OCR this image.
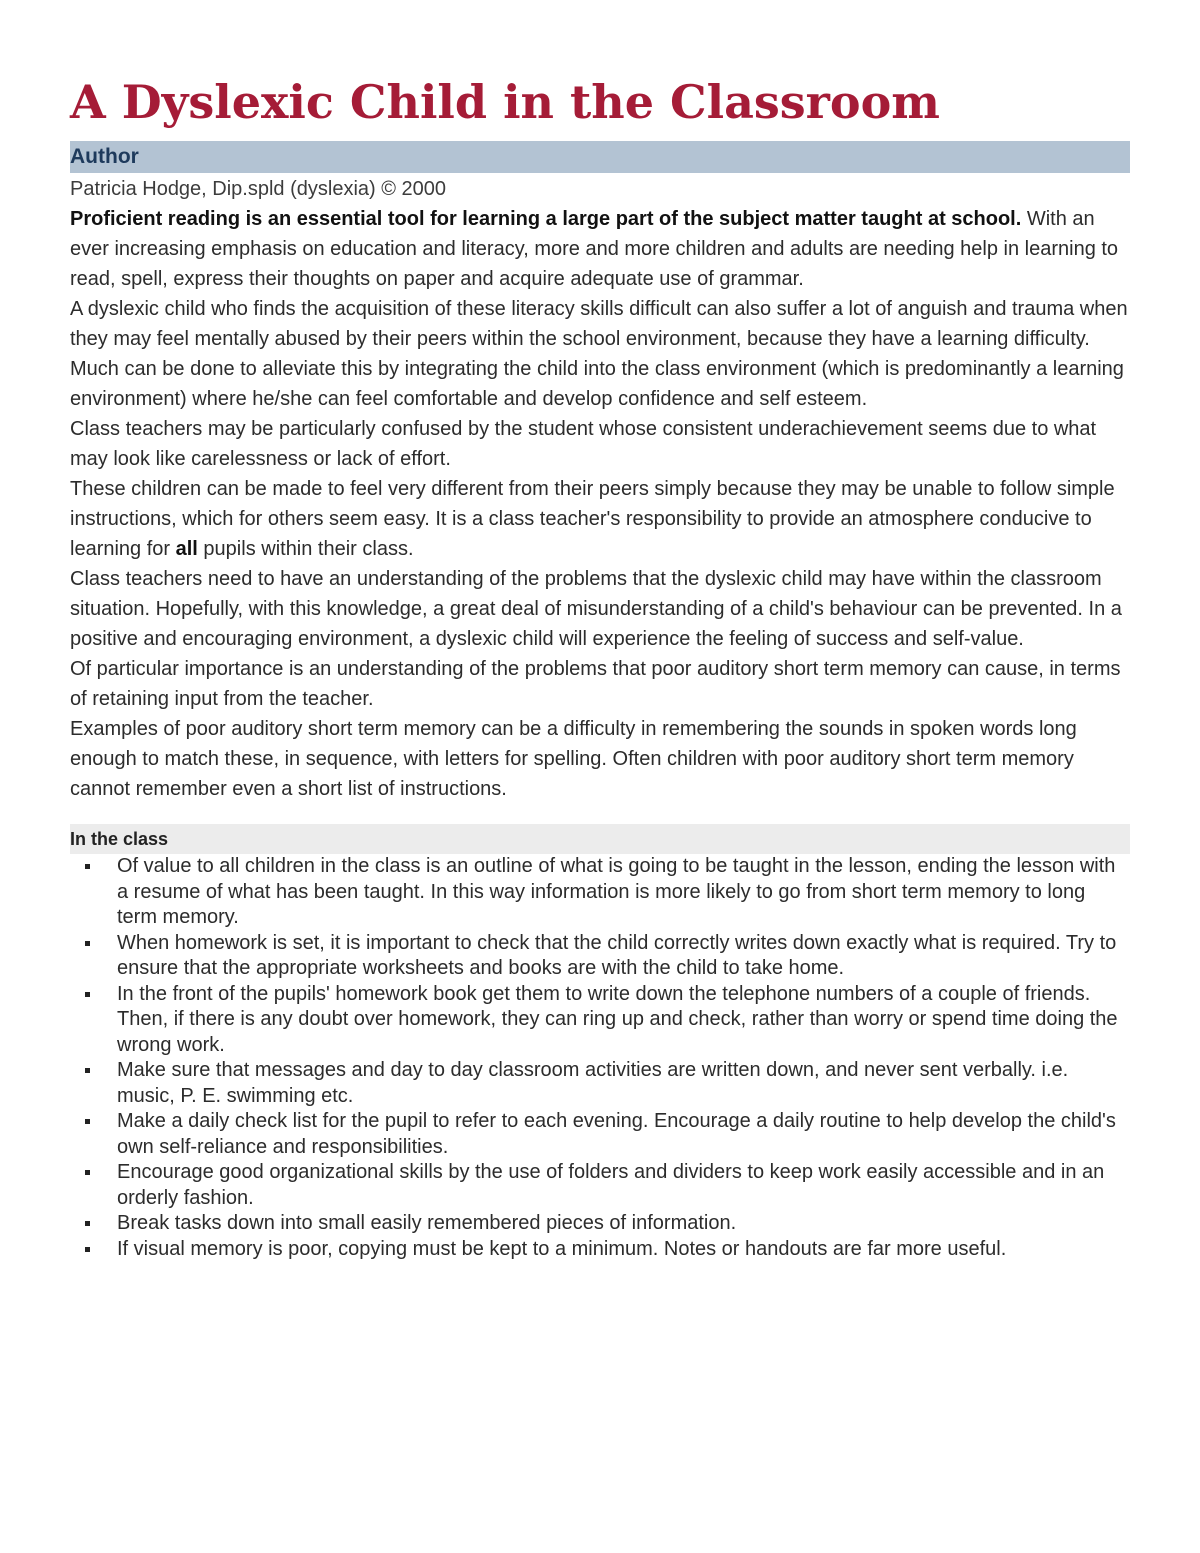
A Dyslexic Child in the Classroom
Author
Patricia Hodge, Dip.spld (dyslexia) © 2000

Proficient reading is an essential tool for learning a large part of the subject matter taught at school. With an ever increasing emphasis on education and literacy, more and more children and adults are needing help in learning to read, spell, express their thoughts on paper and acquire adequate use of grammar.

A dyslexic child who finds the acquisition of these literacy skills difficult can also suffer a lot of anguish and trauma when they may feel mentally abused by their peers within the school environment, because they have a learning difficulty. Much can be done to alleviate this by integrating the child into the class environment (which is predominantly a learning environment) where he/she can feel comfortable and develop confidence and self esteem.

Class teachers may be particularly confused by the student whose consistent underachievement seems due to what may look like carelessness or lack of effort.

These children can be made to feel very different from their peers simply because they may be unable to follow simple instructions, which for others seem easy. It is a class teacher's responsibility to provide an atmosphere conducive to learning for all pupils within their class.

Class teachers need to have an understanding of the problems that the dyslexic child may have within the classroom situation. Hopefully, with this knowledge, a great deal of misunderstanding of a child's behaviour can be prevented. In a positive and encouraging environment, a dyslexic child will experience the feeling of success and self-value.

Of particular importance is an understanding of the problems that poor auditory short term memory can cause, in terms of retaining input from the teacher.

Examples of poor auditory short term memory can be a difficulty in remembering the sounds in spoken words long enough to match these, in sequence, with letters for spelling. Often children with poor auditory short term memory cannot remember even a short list of instructions.

In the class
Of value to all children in the class is an outline of what is going to be taught in the lesson, ending the lesson with a resume of what has been taught. In this way information is more likely to go from short term memory to long term memory.
When homework is set, it is important to check that the child correctly writes down exactly what is required. Try to ensure that the appropriate worksheets and books are with the child to take home.
In the front of the pupils' homework book get them to write down the telephone numbers of a couple of friends. Then, if there is any doubt over homework, they can ring up and check, rather than worry or spend time doing the wrong work.
Make sure that messages and day to day classroom activities are written down, and never sent verbally. i.e. music, P. E. swimming etc.
Make a daily check list for the pupil to refer to each evening. Encourage a daily routine to help develop the child's own self-reliance and responsibilities.
Encourage good organizational skills by the use of folders and dividers to keep work easily accessible and in an orderly fashion.
Break tasks down into small easily remembered pieces of information.
If visual memory is poor, copying must be kept to a minimum. Notes or handouts are far more useful.
